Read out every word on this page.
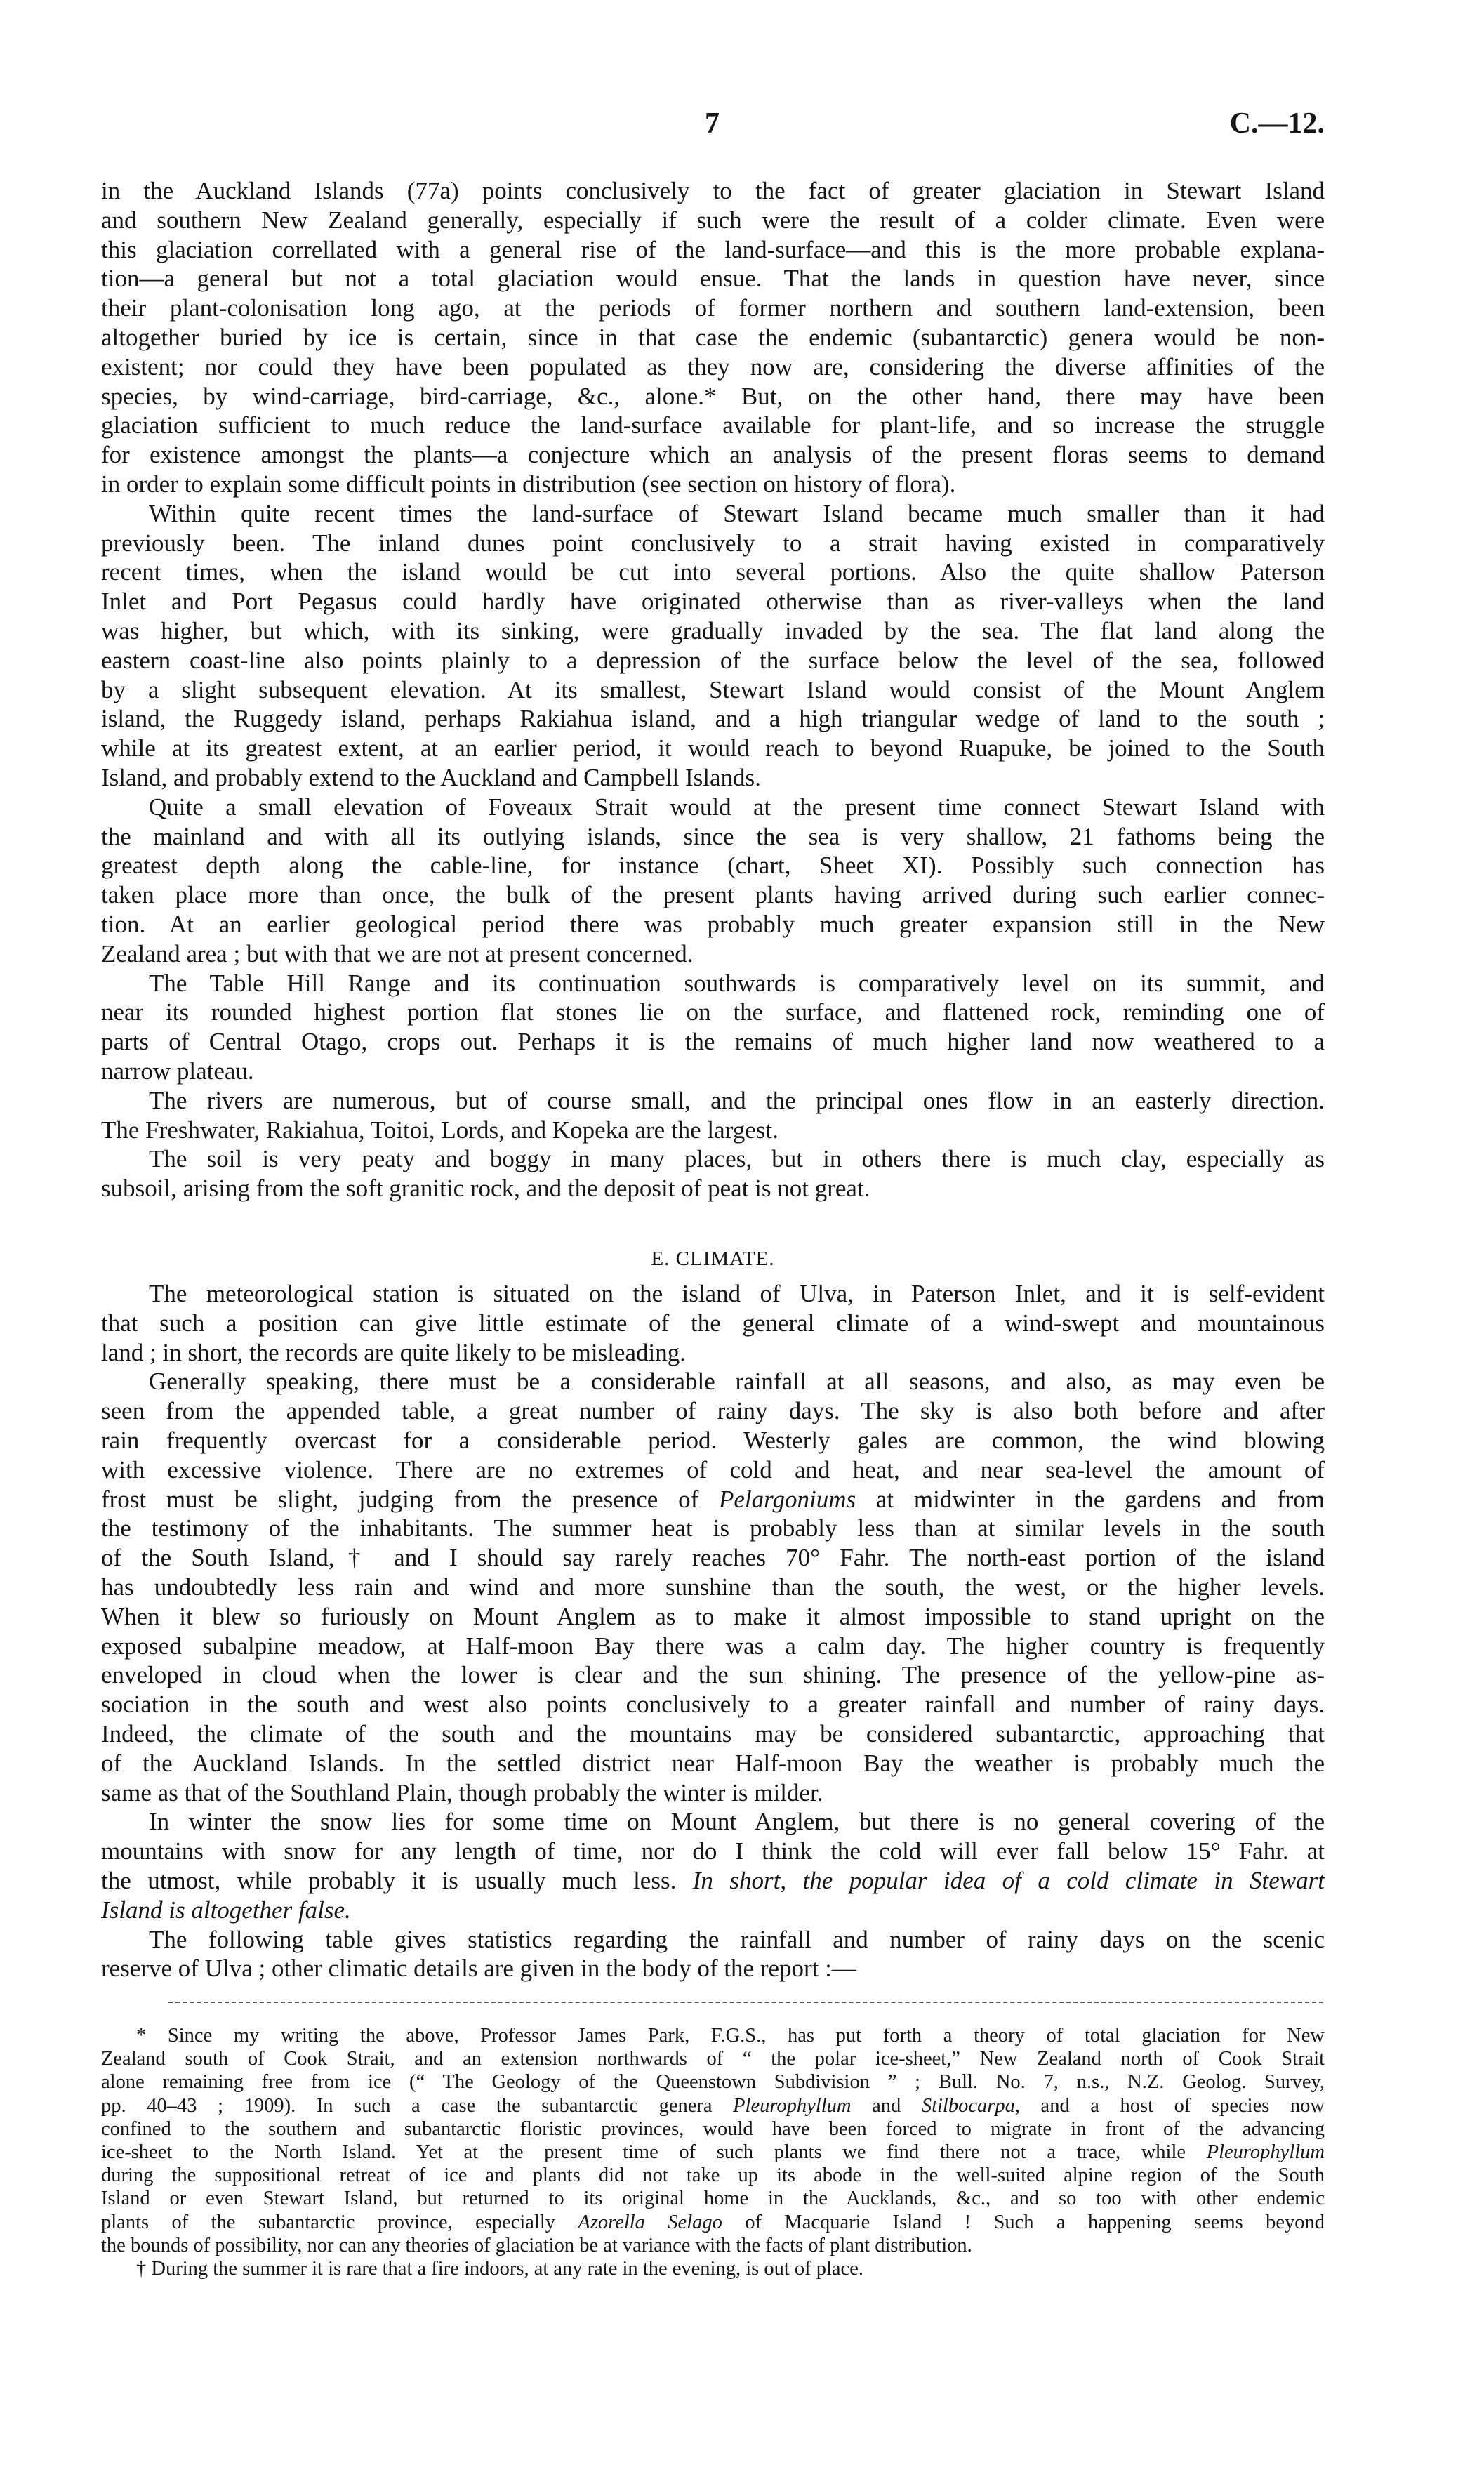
7	C.—12.
in the Auckland Islands (77a) points conclusively to the fact of greater glaciation in Stewart Island
and southern New Zealand generally, especially if such were the result of a colder climate. Even were
this glaciation correllated with a general rise of the land-surface—and this is the more probable explana-
tion—a general but not a total glaciation would ensue. That the lands in question have never, since
their plant-colonisation long ago, at the periods of former northern and southern land-extension, been
altogether buried by ice is certain, since in that case the endemic (subantarctic) genera would be non-
existent; nor could they have been populated as they now are, considering the diverse affinities of the
species, by wind-carriage, bird-carriage, &c., alone.* But, on the other hand, there may have been
glaciation sufficient to much reduce the land-surface available for plant-life, and so increase the struggle
for existence amongst the plants—a conjecture which an analysis of the present floras seems to demand
in order to explain some difficult points in distribution (see section on history of flora).
Within quite recent times the land-surface of Stewart Island became much smaller than it had
previously been. The inland dunes point conclusively to a strait having existed in comparatively
recent times, when the island would be cut into several portions. Also the quite shallow Paterson
Inlet and Port Pegasus could hardly have originated otherwise than as river-valleys when the land
was higher, but which, with its sinking, were gradually invaded by the sea. The flat land along the
eastern coast-line also points plainly to a depression of the surface below the level of the sea, followed
by a slight subsequent elevation. At its smallest, Stewart Island would consist of the Mount Anglem
island, the Ruggedy island, perhaps Rakiahua island, and a high triangular wedge of land to the south ;
while at its greatest extent, at an earlier period, it would reach to beyond Ruapuke, be joined to the South
Island, and probably extend to the Auckland and Campbell Islands.
Quite a small elevation of Foveaux Strait would at the present time connect Stewart Island with
the mainland and with all its outlying islands, since the sea is very shallow, 21 fathoms being the
greatest depth along the cable-line, for instance (chart, Sheet XI). Possibly such connection has
taken place more than once, the bulk of the present plants having arrived during such earlier connec-
tion. At an earlier geological period there was probably much greater expansion still in the New
Zealand area ; but with that we are not at present concerned.
The Table Hill Range and its continuation southwards is comparatively level on its summit, and
near its rounded highest portion flat stones lie on the surface, and flattened rock, reminding one of
parts of Central Otago, crops out. Perhaps it is the remains of much higher land now weathered to a
narrow plateau.
The rivers are numerous, but of course small, and the principal ones flow in an easterly direction.
The Freshwater, Rakiahua, Toitoi, Lords, and Kopeka are the largest.
The soil is very peaty and boggy in many places, but in others there is much clay, especially as
subsoil, arising from the soft granitic rock, and the deposit of peat is not great.
E. CLIMATE.
The meteorological station is situated on the island of Ulva, in Paterson Inlet, and it is self-evident
that such a position can give little estimate of the general climate of a wind-swept and mountainous
land ; in short, the records are quite likely to be misleading.
Generally speaking, there must be a considerable rainfall at all seasons, and also, as may even be
seen from the appended table, a great number of rainy days. The sky is also both before and after
rain frequently overcast for a considerable period. Westerly gales are common, the wind blowing
with excessive violence. There are no extremes of cold and heat, and near sea-level the amount of
frost must be slight, judging from the presence of Pelargoniums at midwinter in the gardens and from
the testimony of the inhabitants. The summer heat is probably less than at similar levels in the south
of the South Island,† and I should say rarely reaches 70° Fahr. The north-east portion of the island
has undoubtedly less rain and wind and more sunshine than the south, the west, or the higher levels.
When it blew so furiously on Mount Anglem as to make it almost impossible to stand upright on the
exposed subalpine meadow, at Half-moon Bay there was a calm day. The higher country is frequently
enveloped in cloud when the lower is clear and the sun shining. The presence of the yellow-pine as-
sociation in the south and west also points conclusively to a greater rainfall and number of rainy days.
Indeed, the climate of the south and the mountains may be considered subantarctic, approaching that
of the Auckland Islands. In the settled district near Half-moon Bay the weather is probably much the
same as that of the Southland Plain, though probably the winter is milder.
In winter the snow lies for some time on Mount Anglem, but there is no general covering of the
mountains with snow for any length of time, nor do I think the cold will ever fall below 15° Fahr. at
the utmost, while probably it is usually much less. In short, the popular idea of a cold climate in Stewart
Island is altogether false.
The following table gives statistics regarding the rainfall and number of rainy days on the scenic
reserve of Ulva ; other climatic details are given in the body of the report :—
* Since my writing the above, Professor James Park, F.G.S., has put forth a theory of total glaciation for New
Zealand south of Cook Strait, and an extension northwards of “ the polar ice-sheet,” New Zealand north of Cook Strait
alone remaining free from ice (“ The Geology of the Queenstown Subdivision ” ; Bull. No. 7, n.s., N.Z. Geolog. Survey,
pp. 40–43 ; 1909). In such a case the subantarctic genera Pleurophyllum and Stilbocarpa, and a host of species now
confined to the southern and subantarctic floristic provinces, would have been forced to migrate in front of the advancing
ice-sheet to the North Island. Yet at the present time of such plants we find there not a trace, while Pleurophyllum
during the suppositional retreat of ice and plants did not take up its abode in the well-suited alpine region of the South
Island or even Stewart Island, but returned to its original home in the Aucklands, &c., and so too with other endemic
plants of the subantarctic province, especially Azorella Selago of Macquarie Island ! Such a happening seems beyond
the bounds of possibility, nor can any theories of glaciation be at variance with the facts of plant distribution.
† During the summer it is rare that a fire indoors, at any rate in the evening, is out of place.
